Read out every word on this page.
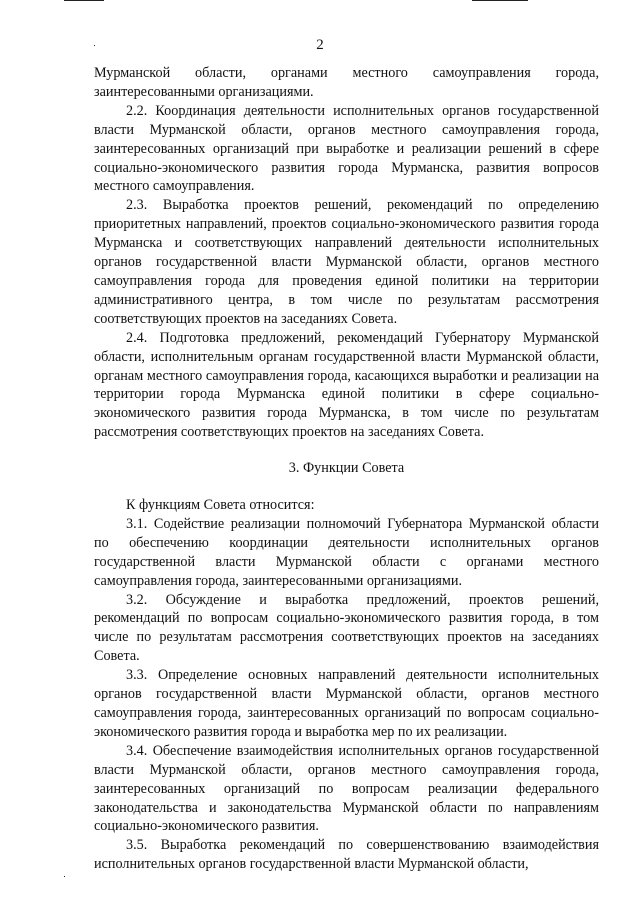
2

Мурманской области, органами местного самоуправления города, заинтересованными организациями.

2.2. Координация деятельности исполнительных органов государственной власти Мурманской области, органов местного самоуправления города, заинтересованных организаций при выработке и реализации решений в сфере социально-экономического развития города Мурманска, развития вопросов местного самоуправления.

2.3. Выработка проектов решений, рекомендаций по определению приоритетных направлений, проектов социально-экономического развития города Мурманска и соответствующих направлений деятельности исполнительных органов государственной власти Мурманской области, органов местного самоуправления города для проведения единой политики на территории административного центра, в том числе по результатам рассмотрения соответствующих проектов на заседаниях Совета.

2.4. Подготовка предложений, рекомендаций Губернатору Мурманской области, исполнительным органам государственной власти Мурманской области, органам местного самоуправления города, касающихся выработки и реализации на территории города Мурманска единой политики в сфере социально-экономического развития города Мурманска, в том числе по результатам рассмотрения соответствующих проектов на заседаниях Совета.

3. Функции Совета

К функциям Совета относится:

3.1. Содействие реализации полномочий Губернатора Мурманской области по обеспечению координации деятельности исполнительных органов государственной власти Мурманской области с органами местного самоуправления города, заинтересованными организациями.

3.2. Обсуждение и выработка предложений, проектов решений, рекомендаций по вопросам социально-экономического развития города, в том числе по результатам рассмотрения соответствующих проектов на заседаниях Совета.

3.3. Определение основных направлений деятельности исполнительных органов государственной власти Мурманской области, органов местного самоуправления города, заинтересованных организаций по вопросам социально-экономического развития города и выработка мер по их реализации.

3.4. Обеспечение взаимодействия исполнительных органов государственной власти Мурманской области, органов местного самоуправления города, заинтересованных организаций по вопросам реализации федерального законодательства и законодательства Мурманской области по направлениям социально-экономического развития.

3.5. Выработка рекомендаций по совершенствованию взаимодействия исполнительных органов государственной власти Мурманской области,
